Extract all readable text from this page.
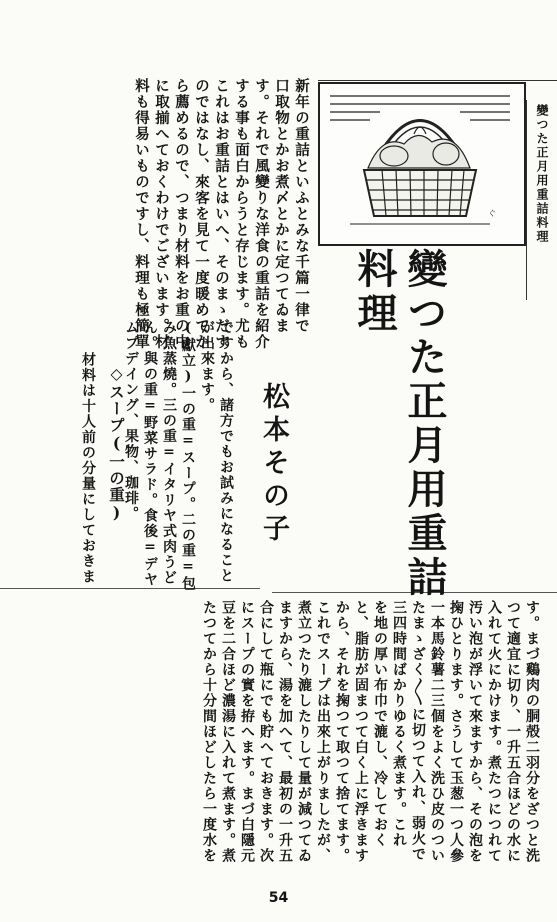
變つた正月用重詰料理
ぐ
變つた正月用重詰
料理
松本その子
新年の重詰といふとみな千篇一律で
口取物とかお煮〆とかに定つてゐま
す。それで風變りな洋食の重詰を紹介
する事も面白からうと存じます。尤も
これはお重詰とはいへ、そのまゝだす
のではなし、來客を見て一度暖めてか
ら薦めるので、つまり材料をお重の中
に取揃へておくわけでございます。材
料も得易いものですし、料理も極簡單
ですから、諸方でもお試みになること
が出來ます。
(獻立)一の重=スープ。二の重=包
み魚蒸燒。三の重=イタリヤ式肉うど
ん。與の重=野菜サラド。食後=デヤ
ムプデイング、果物、珈琲。
◇スープ(一の重)
材料は十人前の分量にしておきま
す。まづ鷄肉の胴殻二羽分をざつと洗
つて適宜に切り、一升五合ほどの水に
入れて火にかけます。煮たつにつれて
汚い泡が浮いて來ますから、その泡を
掬ひとります。さうして玉葱一つ人參
一本馬鈴薯二三個をよく洗ひ皮のつい
たまゝざく〱に切つて入れ、弱火で
三四時間ばかりゆるく煮ます。これ
を地の厚い布巾で漉し、冷しておく
と、脂肪が固まつて白く上に浮きます
から、それを掬つて取つて捨てます。
これでスープは出來上がりましたが、
煮立つたり漉したりして量が減つてゐ
ますから、湯を加へて、最初の一升五
合にして瓶にでも貯へておきます。次
にスープの實を拵へます。まづ白隱元
豆を二合ほど濃湯に入れて煮ます。煮
たつてから十分間ほどしたら一度水を
54
